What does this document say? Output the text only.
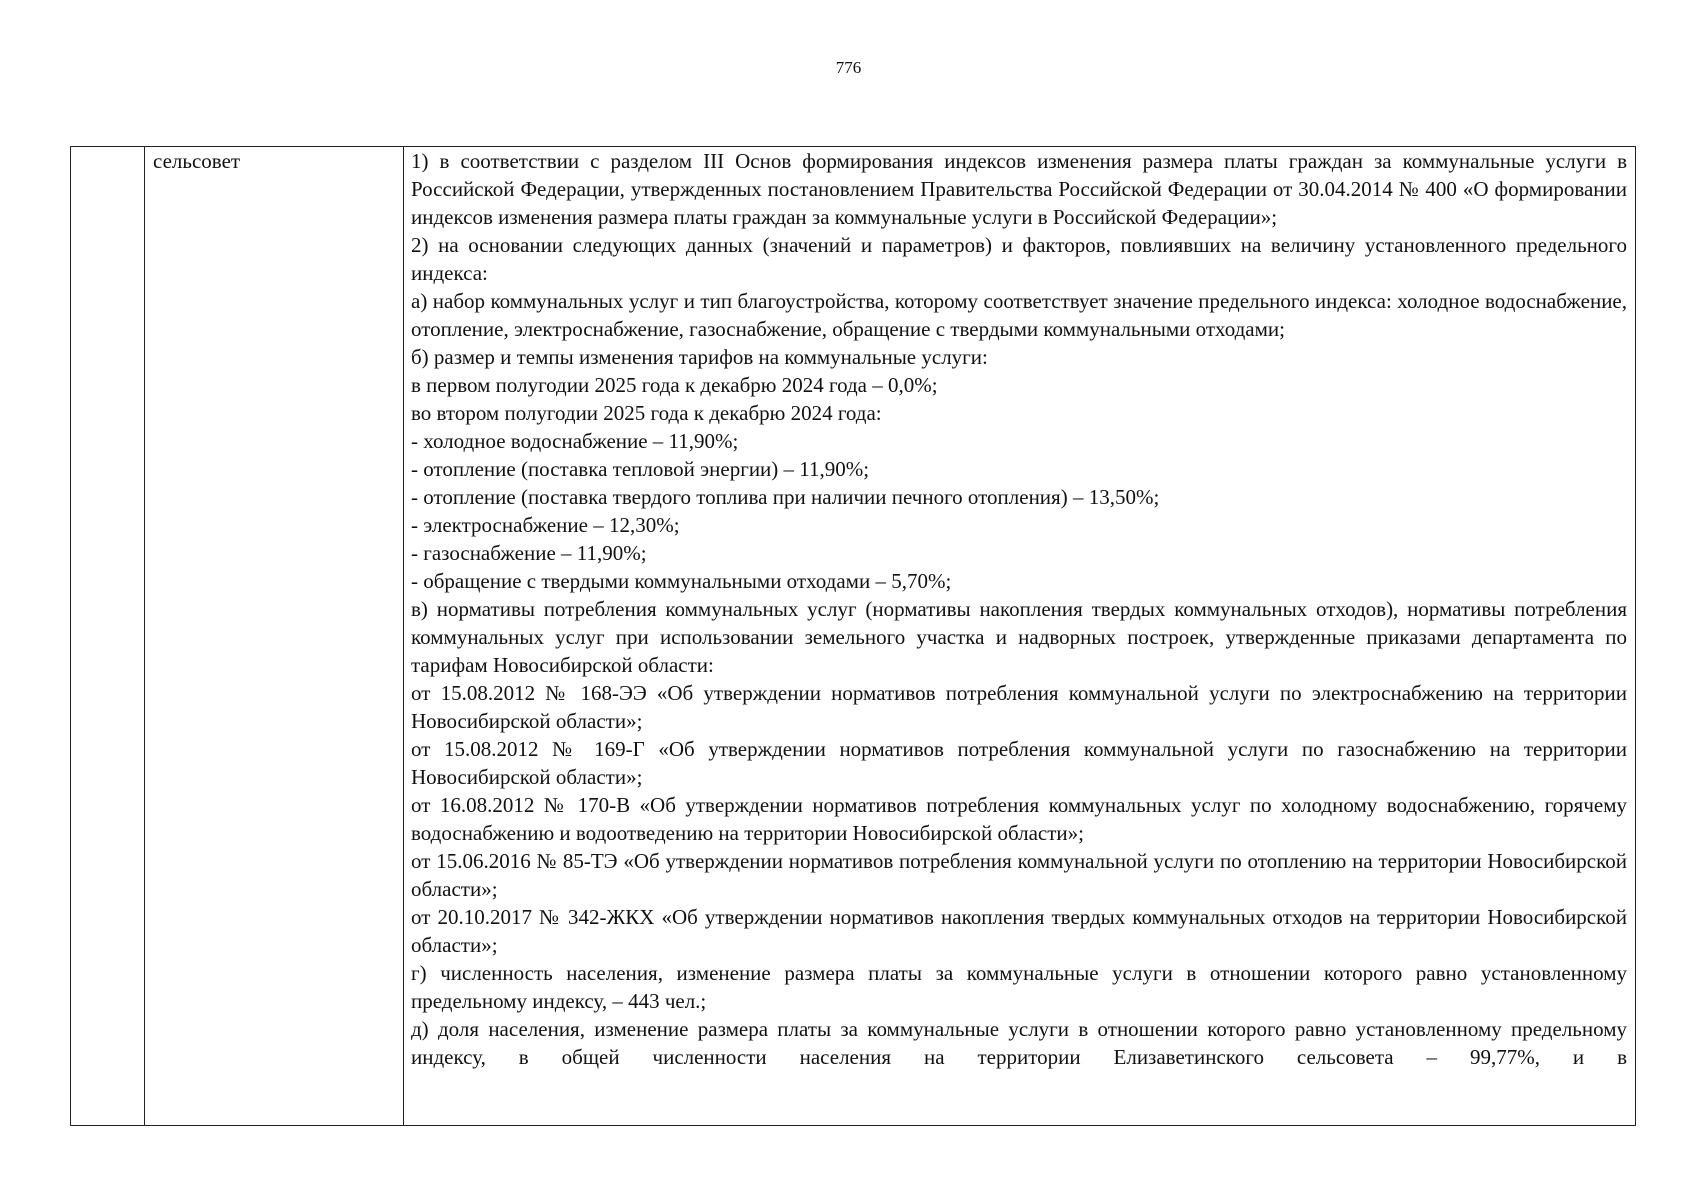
776
сельсовет	1) в соответствии с разделом III Основ формирования индексов изменения размера платы граждан за коммунальные услуги в Российской Федерации, утвержденных постановлением Правительства Российской Федерации от 30.04.2014 № 400 «О формировании индексов изменения размера платы граждан за коммунальные услуги в Российской Федерации»;

2) на основании следующих данных (значений и параметров) и факторов, повлиявших на величину установленного предельного индекса:

а) набор коммунальных услуг и тип благоустройства, которому соответствует значение предельного индекса: холодное водоснабжение, отопление, электроснабжение, газоснабжение, обращение с твердыми коммунальными отходами;

б) размер и темпы изменения тарифов на коммунальные услуги:

в первом полугодии 2025 года к декабрю 2024 года – 0,0%;

во втором полугодии 2025 года к декабрю 2024 года:

- холодное водоснабжение – 11,90%;

- отопление (поставка тепловой энергии) – 11,90%;

- отопление (поставка твердого топлива при наличии печного отопления) – 13,50%;

- электроснабжение – 12,30%;

- газоснабжение – 11,90%;

- обращение с твердыми коммунальными отходами – 5,70%;

в) нормативы потребления коммунальных услуг (нормативы накопления твердых коммунальных отходов), нормативы потребления коммунальных услуг при использовании земельного участка и надворных построек, утвержденные приказами департамента по тарифам Новосибирской области:

от 15.08.2012 № 168-ЭЭ «Об утверждении нормативов потребления коммунальной услуги по электроснабжению на территории Новосибирской области»;

от 15.08.2012 № 169-Г «Об утверждении нормативов потребления коммунальной услуги по газоснабжению на территории Новосибирской области»;

от 16.08.2012 № 170-В «Об утверждении нормативов потребления коммунальных услуг по холодному водоснабжению, горячему водоснабжению и водоотведению на территории Новосибирской области»;

от 15.06.2016 № 85-ТЭ «Об утверждении нормативов потребления коммунальной услуги по отоплению на территории Новосибирской области»;

от 20.10.2017 № 342-ЖКХ «Об утверждении нормативов накопления твердых коммунальных отходов на территории Новосибирской области»;

г) численность населения, изменение размера платы за коммунальные услуги в отношении которого равно установленному предельному индексу, – 443 чел.;

д) доля населения, изменение размера платы за коммунальные услуги в отношении которого равно установленному предельному индексу, в общей численности населения на территории Елизаветинского сельсовета – 99,77%, и в
